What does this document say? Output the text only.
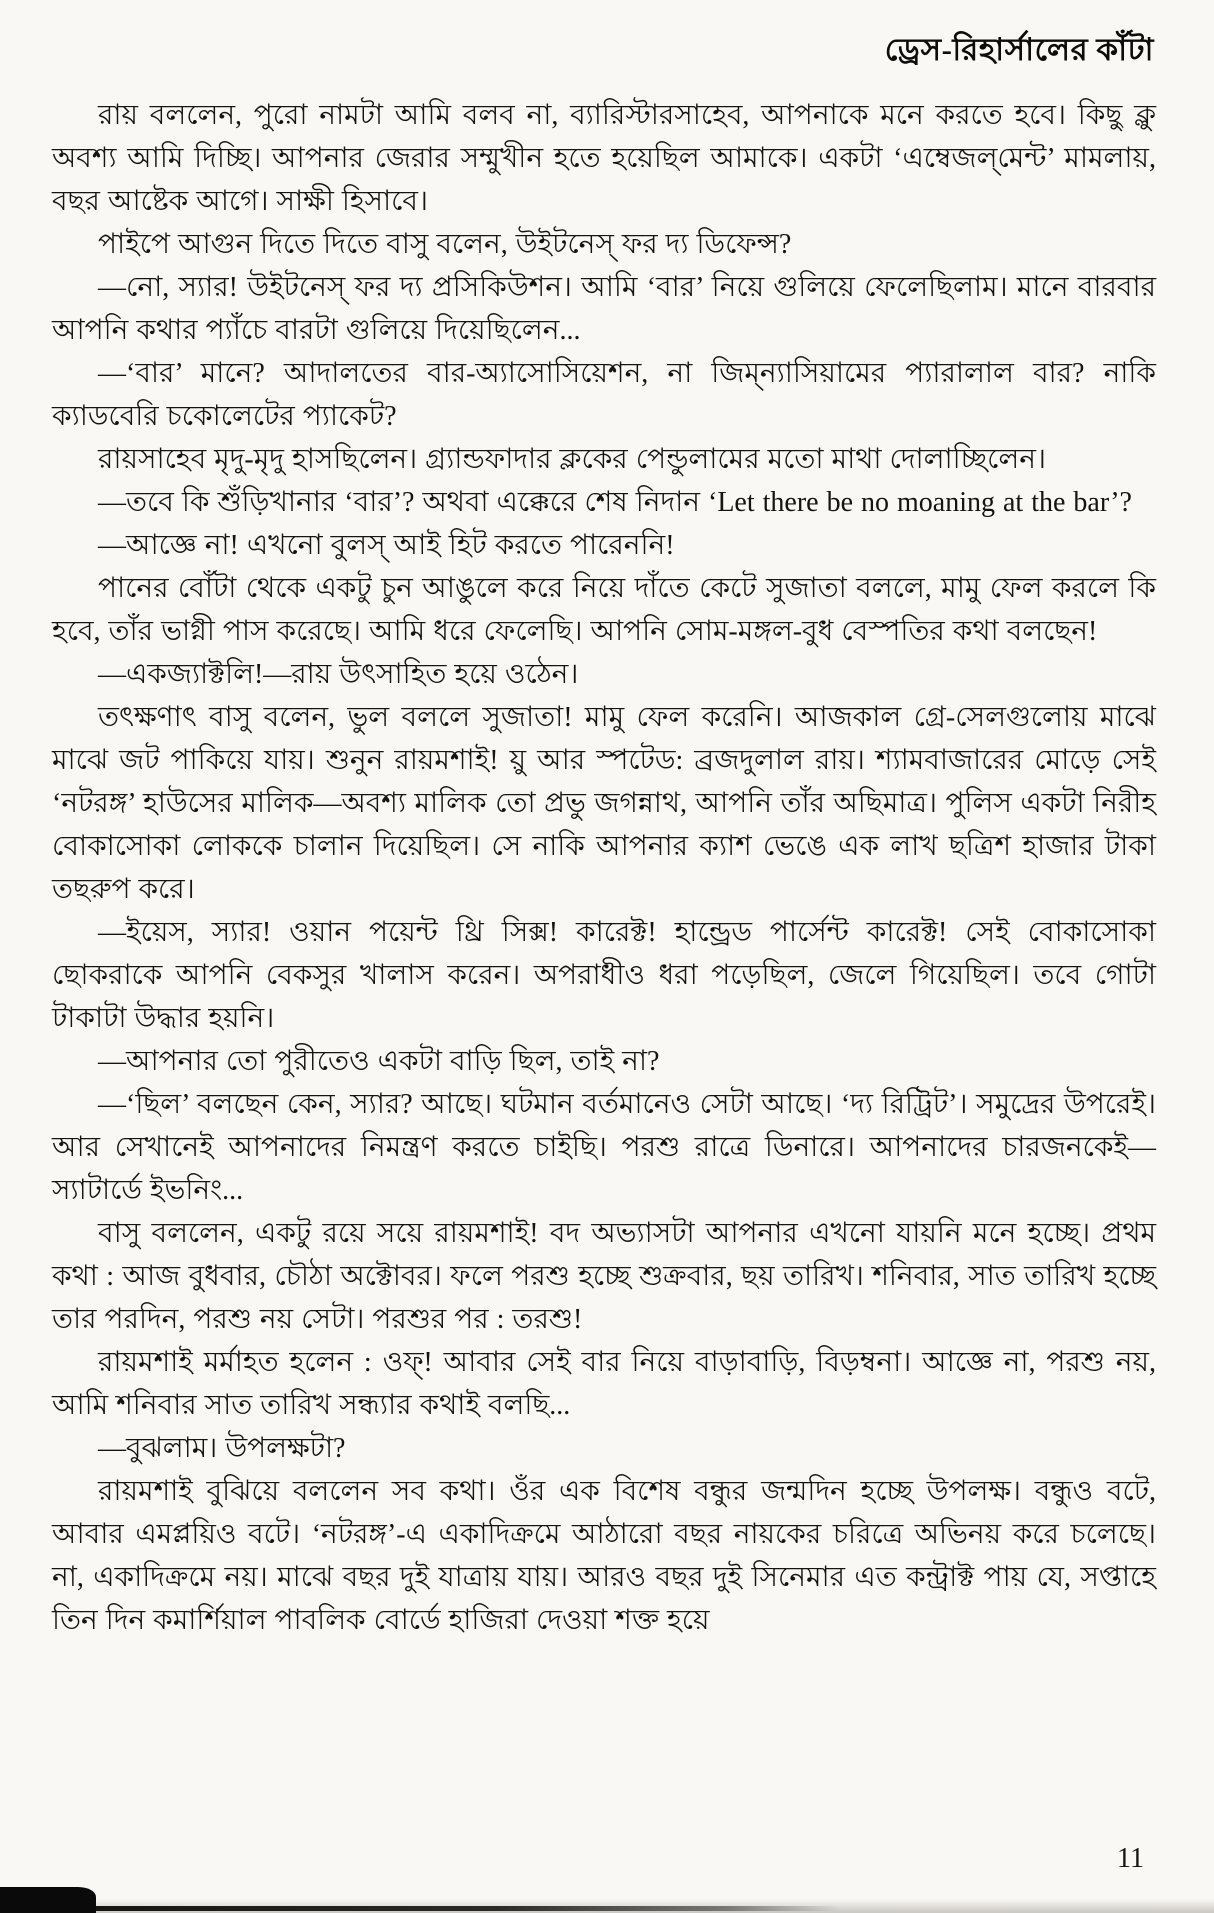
ড্রেস-রিহার্সালের কাঁটা

রায় বললেন, পুরো নামটা আমি বলব না, ব্যারিস্টারসাহেব, আপনাকে মনে করতে হবে। কিছু ক্লু অবশ্য আমি দিচ্ছি। আপনার জেরার সম্মুখীন হতে হয়েছিল আমাকে। একটা ‘এম্বেজল্‌মেন্ট’ মামলায়, বছর আষ্টেক আগে। সাক্ষী হিসাবে।

পাইপে আগুন দিতে দিতে বাসু বলেন, উইটনেস্ ফর দ্য ডিফেন্স?

—নো, স্যার! উইটনেস্ ফর দ্য প্রসিকিউশন। আমি ‘বার’ নিয়ে গুলিয়ে ফেলেছিলাম। মানে বারবার আপনি কথার প্যাঁচে বারটা গুলিয়ে দিয়েছিলেন...

—‘বার’ মানে? আদালতের বার-অ্যাসোসিয়েশন, না জিম্‌ন্যাসিয়ামের প্যারালাল বার? নাকি ক্যাডবেরি চকোলেটের প্যাকেট?

রায়সাহেব মৃদু-মৃদু হাসছিলেন। গ্র্যান্ডফাদার ক্লকের পেন্ডুলামের মতো মাথা দোলাচ্ছিলেন।

—তবে কি শুঁড়িখানার ‘বার’? অথবা এক্কেরে শেষ নিদান ‘Let there be no moaning at the bar’?

—আজ্ঞে না! এখনো বুলস্ আই হিট করতে পারেননি!

পানের বোঁটা থেকে একটু চুন আঙুলে করে নিয়ে দাঁতে কেটে সুজাতা বললে, মামু ফেল করলে কি হবে, তাঁর ভাগ্নী পাস করেছে। আমি ধরে ফেলেছি। আপনি সোম-মঙ্গল-বুধ বেস্পতির কথা বলছেন!

—একজ্যাক্টলি!—রায় উৎসাহিত হয়ে ওঠেন।

তৎক্ষণাৎ বাসু বলেন, ভুল বললে সুজাতা! মামু ফেল করেনি। আজকাল গ্রে-সেলগুলোয় মাঝে মাঝে জট পাকিয়ে যায়। শুনুন রায়মশাই! য়ু আর স্পটেড: ব্রজদুলাল রায়। শ্যামবাজারের মোড়ে সেই ‘নটরঙ্গ’ হাউসের মালিক—অবশ্য মালিক তো প্রভু জগন্নাথ, আপনি তাঁর অছিমাত্র। পুলিস একটা নিরীহ বোকাসোকা লোককে চালান দিয়েছিল। সে নাকি আপনার ক্যাশ ভেঙে এক লাখ ছত্রিশ হাজার টাকা তছরুপ করে।

—ইয়েস, স্যার! ওয়ান পয়েন্ট থ্রি সিক্স! কারেক্ট! হান্ড্রেড পার্সেন্ট কারেক্ট! সেই বোকাসোকা ছোকরাকে আপনি বেকসুর খালাস করেন। অপরাধীও ধরা পড়েছিল, জেলে গিয়েছিল। তবে গোটা টাকাটা উদ্ধার হয়নি।

—আপনার তো পুরীতেও একটা বাড়ি ছিল, তাই না?

—‘ছিল’ বলছেন কেন, স্যার? আছে। ঘটমান বর্তমানেও সেটা আছে। ‘দ্য রিট্রিট’। সমুদ্রের উপরেই। আর সেখানেই আপনাদের নিমন্ত্রণ করতে চাইছি। পরশু রাত্রে ডিনারে। আপনাদের চারজনকেই—স্যাটার্ডে ইভনিং...

বাসু বললেন, একটু রয়ে সয়ে রায়মশাই! বদ অভ্যাসটা আপনার এখনো যায়নি মনে হচ্ছে। প্রথম কথা : আজ বুধবার, চৌঠা অক্টোবর। ফলে পরশু হচ্ছে শুক্রবার, ছয় তারিখ। শনিবার, সাত তারিখ হচ্ছে তার পরদিন, পরশু নয় সেটা। পরশুর পর : তরশু!

রায়মশাই মর্মাহত হলেন : ওফ্! আবার সেই বার নিয়ে বাড়াবাড়ি, বিড়ম্বনা। আজ্ঞে না, পরশু নয়, আমি শনিবার সাত তারিখ সন্ধ্যার কথাই বলছি...

—বুঝলাম। উপলক্ষটা?

রায়মশাই বুঝিয়ে বললেন সব কথা। ওঁর এক বিশেষ বন্ধুর জন্মদিন হচ্ছে উপলক্ষ। বন্ধুও বটে, আবার এমপ্লয়িও বটে। ‘নটরঙ্গ’-এ একাদিক্রমে আঠারো বছর নায়কের চরিত্রে অভিনয় করে চলেছে। না, একাদিক্রমে নয়। মাঝে বছর দুই যাত্রায় যায়। আরও বছর দুই সিনেমার এত কন্ট্রাক্ট পায় যে, সপ্তাহে তিন দিন কমার্শিয়াল পাবলিক বোর্ডে হাজিরা দেওয়া শক্ত হয়ে

11
